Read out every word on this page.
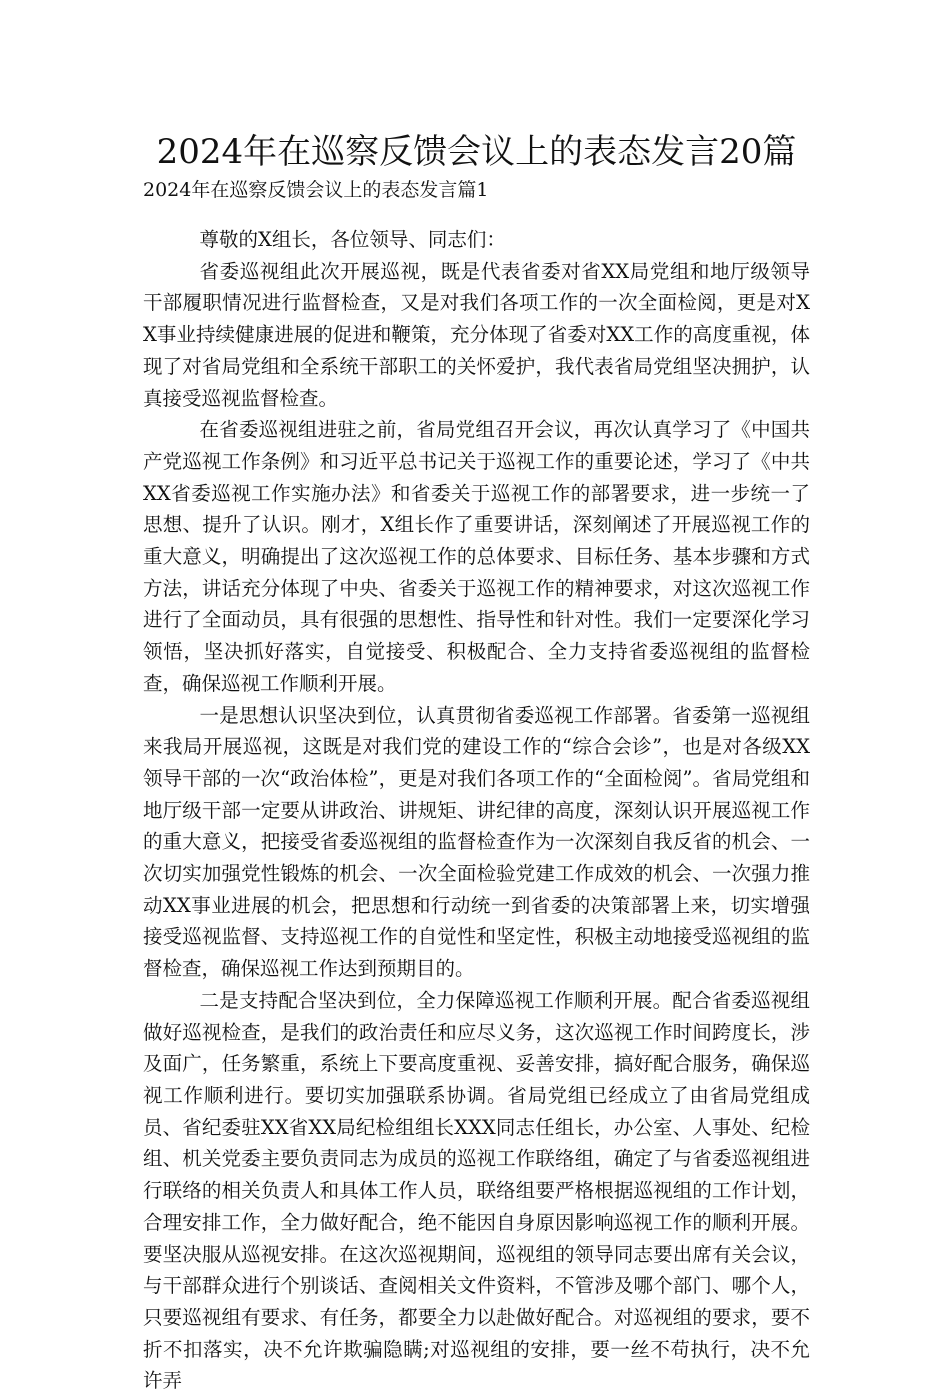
2024年在巡察反馈会议上的表态发言20篇
2024年在巡察反馈会议上的表态发言篇1

尊敬的X组长，各位领导、同志们：

省委巡视组此次开展巡视，既是代表省委对省XX局党组和地厅级领导干部履职情况进行监督检查，又是对我们各项工作的一次全面检阅，更是对XX事业持续健康进展的促进和鞭策，充分体现了省委对XX工作的高度重视，体现了对省局党组和全系统干部职工的关怀爱护，我代表省局党组坚决拥护，认真接受巡视监督检查。

在省委巡视组进驻之前，省局党组召开会议，再次认真学习了《中国共产党巡视工作条例》和习近平总书记关于巡视工作的重要论述，学习了《中共XX省委巡视工作实施办法》和省委关于巡视工作的部署要求，进一步统一了思想、提升了认识。刚才，X组长作了重要讲话，深刻阐述了开展巡视工作的重大意义，明确提出了这次巡视工作的总体要求、目标任务、基本步骤和方式方法，讲话充分体现了中央、省委关于巡视工作的精神要求，对这次巡视工作进行了全面动员，具有很强的思想性、指导性和针对性。我们一定要深化学习领悟，坚决抓好落实，自觉接受、积极配合、全力支持省委巡视组的监督检查，确保巡视工作顺利开展。

一是思想认识坚决到位，认真贯彻省委巡视工作部署。省委第一巡视组来我局开展巡视，这既是对我们党的建设工作的“综合会诊”，也是对各级XX领导干部的一次“政治体检”，更是对我们各项工作的“全面检阅”。省局党组和地厅级干部一定要从讲政治、讲规矩、讲纪律的高度，深刻认识开展巡视工作的重大意义，把接受省委巡视组的监督检查作为一次深刻自我反省的机会、一次切实加强党性锻炼的机会、一次全面检验党建工作成效的机会、一次强力推动XX事业进展的机会，把思想和行动统一到省委的决策部署上来，切实增强接受巡视监督、支持巡视工作的自觉性和坚定性，积极主动地接受巡视组的监督检查，确保巡视工作达到预期目的。

二是支持配合坚决到位，全力保障巡视工作顺利开展。配合省委巡视组做好巡视检查，是我们的政治责任和应尽义务，这次巡视工作时间跨度长，涉及面广，任务繁重，系统上下要高度重视、妥善安排，搞好配合服务，确保巡视工作顺利进行。要切实加强联系协调。省局党组已经成立了由省局党组成员、省纪委驻XX省XX局纪检组组长XXX同志任组长，办公室、人事处、纪检组、机关党委主要负责同志为成员的巡视工作联络组，确定了与省委巡视组进行联络的相关负责人和具体工作人员，联络组要严格根据巡视组的工作计划，合理安排工作，全力做好配合，绝不能因自身原因影响巡视工作的顺利开展。要坚决服从巡视安排。在这次巡视期间，巡视组的领导同志要出席有关会议，与干部群众进行个别谈话、查阅相关文件资料，不管涉及哪个部门、哪个人，只要巡视组有要求、有任务，都要全力以赴做好配合。对巡视组的要求，要不折不扣落实，决不允许欺骗隐瞒;对巡视组的安排，要一丝不苟执行，决不允许弄
